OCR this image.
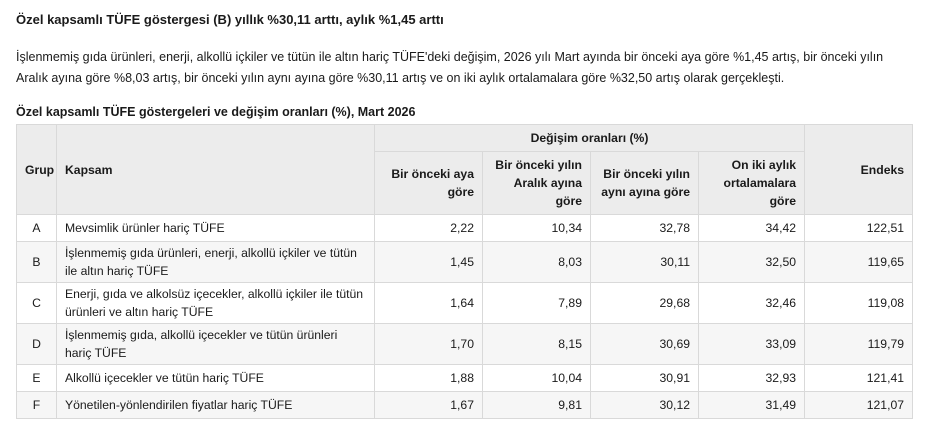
Özel kapsamlı TÜFE göstergesi (B) yıllık %30,11 arttı, aylık %1,45 arttı

İşlenmemiş gıda ürünleri, enerji, alkollü içkiler ve tütün ile altın hariç TÜFE'deki değişim, 2026 yılı Mart ayında bir önceki aya göre %1,45 artış, bir önceki yılın Aralık ayına göre %8,03 artış, bir önceki yılın aynı ayına göre %30,11 artış ve on iki aylık ortalamalara göre %32,50 artış olarak gerçekleşti.

Özel kapsamlı TÜFE göstergeleri ve değişim oranları (%), Mart 2026

Grup	Kapsam	Değişim oranları (%)				Endeks
		Bir önceki aya göre	Bir önceki yılın Aralık ayına göre	Bir önceki yılın aynı ayına göre	On iki aylık ortalamalara göre	
A	Mevsimlik ürünler hariç TÜFE	2,22	10,34	32,78	34,42	122,51
B	İşlenmemiş gıda ürünleri, enerji, alkollü içkiler ve tütün ile altın hariç TÜFE	1,45	8,03	30,11	32,50	119,65
C	Enerji, gıda ve alkolsüz içecekler, alkollü içkiler ile tütün ürünleri ve altın hariç TÜFE	1,64	7,89	29,68	32,46	119,08
D	İşlenmemiş gıda, alkollü içecekler ve tütün ürünleri hariç TÜFE	1,70	8,15	30,69	33,09	119,79
E	Alkollü içecekler ve tütün hariç TÜFE	1,88	10,04	30,91	32,93	121,41
F	Yönetilen-yönlendirilen fiyatlar hariç TÜFE	1,67	9,81	30,12	31,49	121,07
